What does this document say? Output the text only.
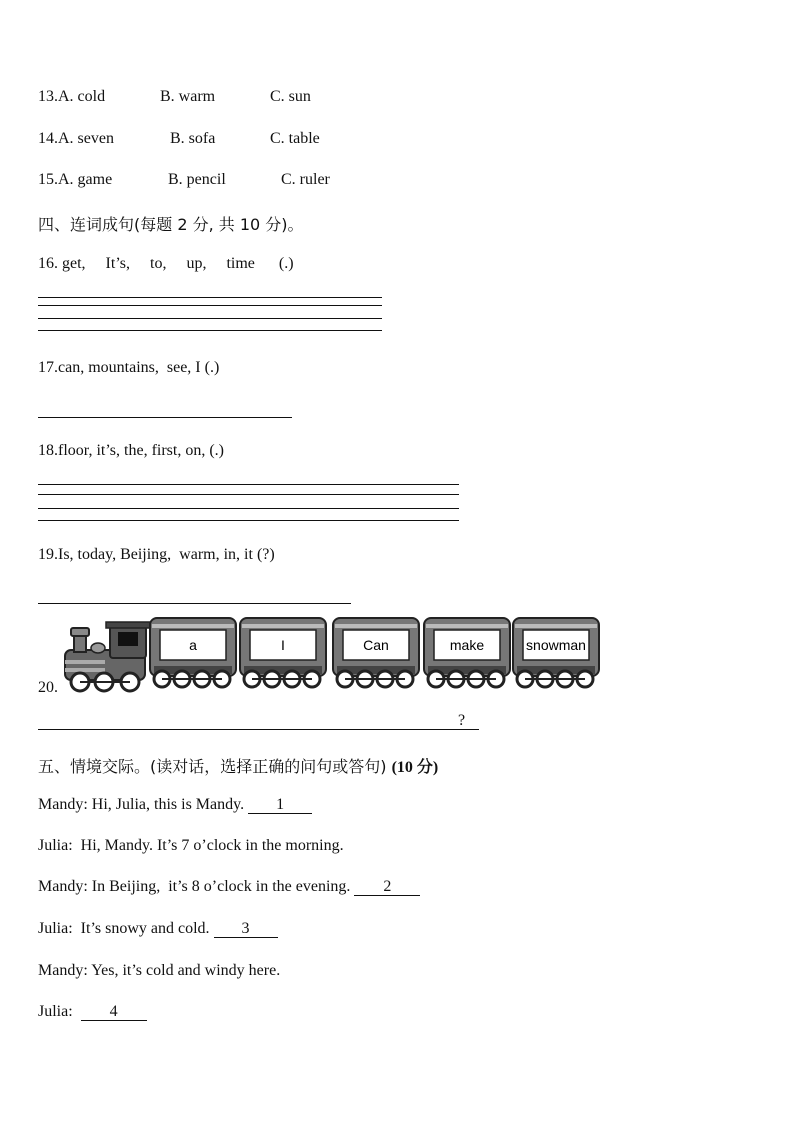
13.A. cold	B. warm	C. sun
14.A. seven	B. sofa	C. table
15.A. game	B. pencil	C. ruler
四、连词成句(每题 2 分, 共 10 分)。
16. get,     It’s,     to,     up,     time      (.)
17.can, mountains,  see, I (.)
18.floor, it’s, the, first, on, (.)
19.Is, today, Beijing,  warm, in, it (?)
20.
a	I	Can	make	snowman
?
五、情境交际。(读对话，选择正确的问句或答句) (10 分)
Mandy: Hi, Julia, this is Mandy. 1
Julia: Hi, Mandy. It’s 7 o’clock in the morning.
Mandy: In Beijing,  it’s 8 o’clock in the evening. 2
Julia: It’s snowy and cold. 3
Mandy: Yes, it’s cold and windy here.
Julia: 4
